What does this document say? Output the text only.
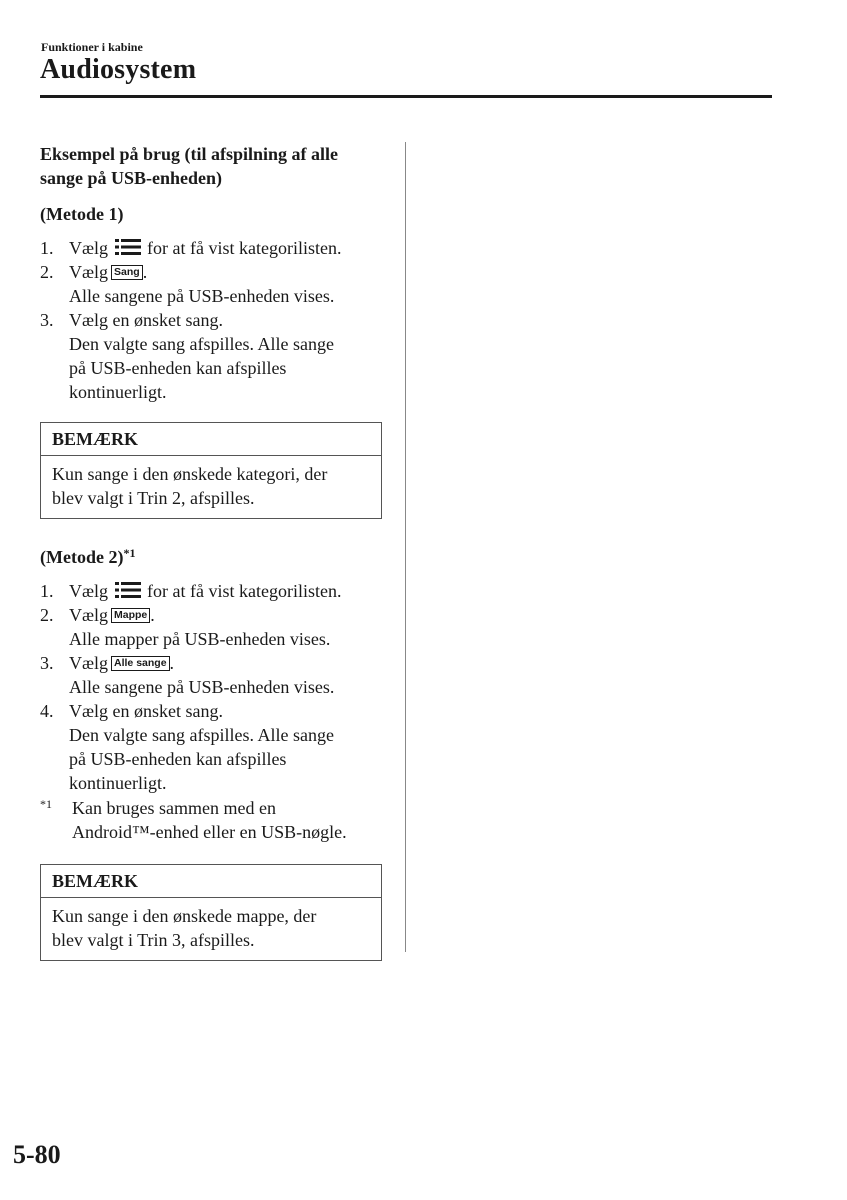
Funktioner i kabine
Audiosystem

Eksempel på brug (til afspilning af alle
sange på USB-enheden)

(Metode 1)

1. Vælg for at få vist kategorilisten.

2. Vælg Sang .

Alle sangene på USB-enheden vises.

3. Vælg en ønsket sang.

Den valgte sang afspilles. Alle sange

på USB-enheden kan afspilles

kontinuerligt.

BEMÆRK
Kun sange i den ønskede kategori, der
blev valgt i Trin 2, afspilles.

(Metode 2)$^{*1}$

1. Vælg for at få vist kategorilisten.

2. Vælg Mappe .

Alle mapper på USB-enheden vises.

3. Vælg Alle sange .

Alle sangene på USB-enheden vises.

4. Vælg en ønsket sang.

Den valgte sang afspilles. Alle sange

på USB-enheden kan afspilles

kontinuerligt.

$^{*1}$ Kan bruges sammen med en
Android™-enhed eller en USB-nøgle.
BEMÆRK
Kun sange i den ønskede mappe, der
blev valgt i Trin 3, afspilles.
5-80
